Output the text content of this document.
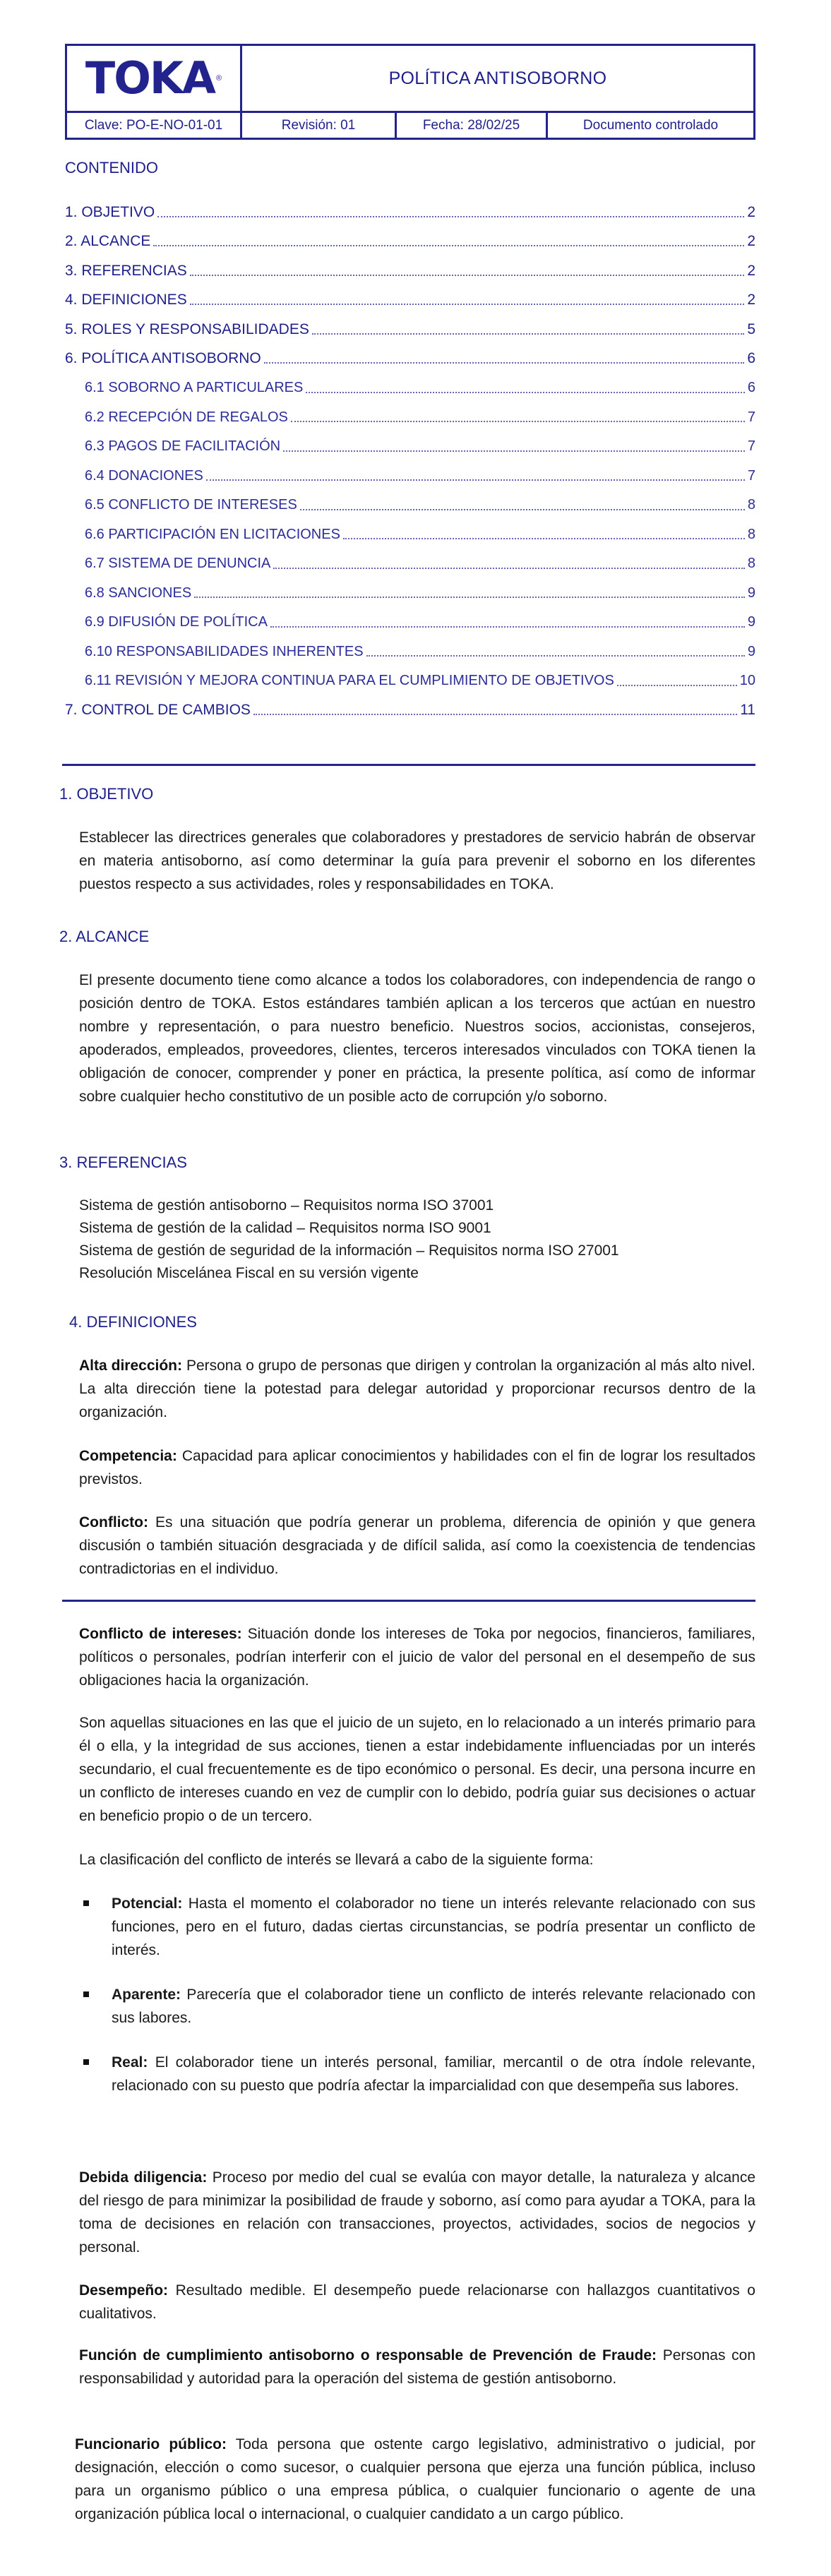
TOKA ®	POLÍTICA ANTISOBORNO
Clave: PO-E-NO-01-01	Revisión: 01	Fecha: 28/02/25	Documento controlado
CONTENIDO
1. OBJETIVO	2
2. ALCANCE	2
3. REFERENCIAS	2
4. DEFINICIONES	2
5. ROLES Y RESPONSABILIDADES	5
6. POLÍTICA ANTISOBORNO	6
6.1 SOBORNO A PARTICULARES	6
6.2 RECEPCIÓN DE REGALOS	7
6.3 PAGOS DE FACILITACIÓN	7
6.4 DONACIONES	7
6.5 CONFLICTO DE INTERESES	8
6.6 PARTICIPACIÓN EN LICITACIONES	8
6.7 SISTEMA DE DENUNCIA	8
6.8 SANCIONES	9
6.9 DIFUSIÓN DE POLÍTICA	9
6.10 RESPONSABILIDADES INHERENTES	9
6.11 REVISIÓN Y MEJORA CONTINUA PARA EL CUMPLIMIENTO DE OBJETIVOS	10
7. CONTROL DE CAMBIOS	11
1. OBJETIVO

Establecer las directrices generales que colaboradores y prestadores de servicio habrán de observar en materia antisoborno, así como determinar la guía para prevenir el soborno en los diferentes puestos respecto a sus actividades, roles y responsabilidades en TOKA.

2. ALCANCE

El presente documento tiene como alcance a todos los colaboradores, con independencia de rango o posición dentro de TOKA. Estos estándares también aplican a los terceros que actúan en nuestro nombre y representación, o para nuestro beneficio. Nuestros socios, accionistas, consejeros, apoderados, empleados, proveedores, clientes, terceros interesados vinculados con TOKA tienen la obligación de conocer, comprender y poner en práctica, la presente política, así como de informar sobre cualquier hecho constitutivo de un posible acto de corrupción y/o soborno.

3. REFERENCIAS
Sistema de gestión antisoborno – Requisitos norma ISO 37001
Sistema de gestión de la calidad – Requisitos norma ISO 9001
Sistema de gestión de seguridad de la información – Requisitos norma ISO 27001
Resolución Miscelánea Fiscal en su versión vigente
4. DEFINICIONES

Alta dirección: Persona o grupo de personas que dirigen y controlan la organización al más alto nivel. La alta dirección tiene la potestad para delegar autoridad y proporcionar recursos dentro de la organización.

Competencia: Capacidad para aplicar conocimientos y habilidades con el fin de lograr los resultados previstos.

Conflicto: Es una situación que podría generar un problema, diferencia de opinión y que genera discusión o también situación desgraciada y de difícil salida, así como la coexistencia de tendencias contradictorias en el individuo.

Conflicto de intereses: Situación donde los intereses de Toka por negocios, financieros, familiares, políticos o personales, podrían interferir con el juicio de valor del personal en el desempeño de sus obligaciones hacia la organización.

Son aquellas situaciones en las que el juicio de un sujeto, en lo relacionado a un interés primario para él o ella, y la integridad de sus acciones, tienen a estar indebidamente influenciadas por un interés secundario, el cual frecuentemente es de tipo económico o personal. Es decir, una persona incurre en un conflicto de intereses cuando en vez de cumplir con lo debido, podría guiar sus decisiones o actuar en beneficio propio o de un tercero.

La clasificación del conflicto de interés se llevará a cabo de la siguiente forma:

Potencial: Hasta el momento el colaborador no tiene un interés relevante relacionado con sus funciones, pero en el futuro, dadas ciertas circunstancias, se podría presentar un conflicto de interés.
Aparente: Parecería que el colaborador tiene un conflicto de interés relevante relacionado con sus labores.
Real: El colaborador tiene un interés personal, familiar, mercantil o de otra índole relevante, relacionado con su puesto que podría afectar la imparcialidad con que desempeña sus labores.

Debida diligencia: Proceso por medio del cual se evalúa con mayor detalle, la naturaleza y alcance del riesgo de para minimizar la posibilidad de fraude y soborno, así como para ayudar a TOKA, para la toma de decisiones en relación con transacciones, proyectos, actividades, socios de negocios y personal.

Desempeño: Resultado medible. El desempeño puede relacionarse con hallazgos cuantitativos o cualitativos.

Función de cumplimiento antisoborno o responsable de Prevención de Fraude: Personas con responsabilidad y autoridad para la operación del sistema de gestión antisoborno.

Funcionario público: Toda persona que ostente cargo legislativo, administrativo o judicial, por designación, elección o como sucesor, o cualquier persona que ejerza una función pública, incluso para un organismo público o una empresa pública, o cualquier funcionario o agente de una organización pública local o internacional, o cualquier candidato a un cargo público.
